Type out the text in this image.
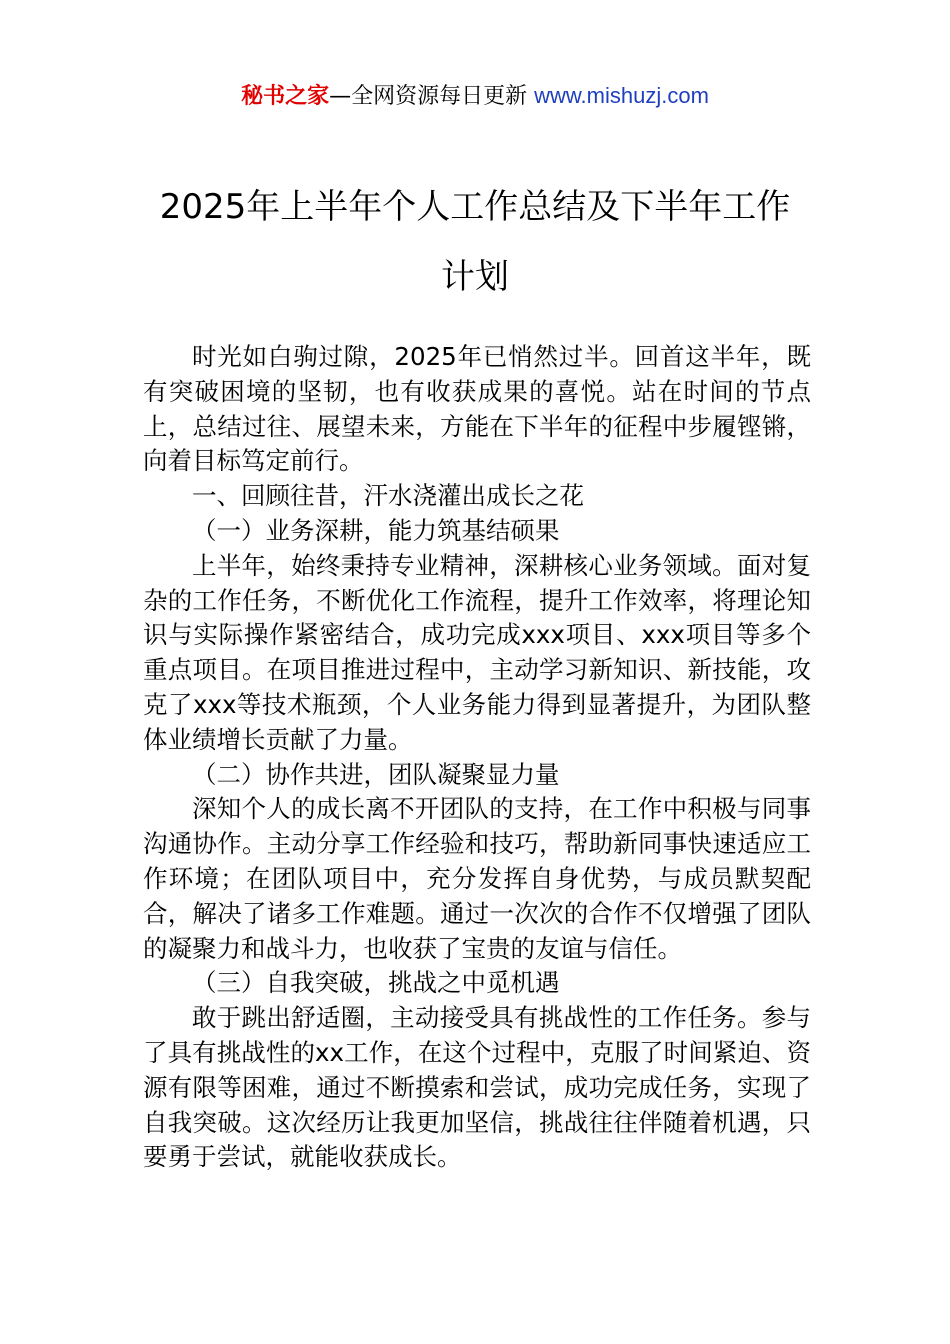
秘书之家—全网资源每日更新 www.mishuzj.com
2025年上半年个人工作总结及下半年工作
计划

时光如白驹过隙，2025年已悄然过半。回首这半年，既有突破困境的坚韧，也有收获成果的喜悦。站在时间的节点上，总结过往、展望未来，方能在下半年的征程中步履铿锵，向着目标笃定前行。

一、回顾往昔，汗水浇灌出成长之花

（一）业务深耕，能力筑基结硕果

上半年，始终秉持专业精神，深耕核心业务领域。面对复杂的工作任务，不断优化工作流程，提升工作效率，将理论知识与实际操作紧密结合，成功完成xxx项目、xxx项目等多个重点项目。在项目推进过程中，主动学习新知识、新技能，攻克了xxx等技术瓶颈，个人业务能力得到显著提升，为团队整体业绩增长贡献了力量。

（二）协作共进，团队凝聚显力量

深知个人的成长离不开团队的支持，在工作中积极与同事沟通协作。主动分享工作经验和技巧，帮助新同事快速适应工作环境；在团队项目中，充分发挥自身优势，与成员默契配合，解决了诸多工作难题。通过一次次的合作不仅增强了团队的凝聚力和战斗力，也收获了宝贵的友谊与信任。

（三）自我突破，挑战之中觅机遇

敢于跳出舒适圈，主动接受具有挑战性的工作任务。参与了具有挑战性的xx工作，在这个过程中，克服了时间紧迫、资源有限等困难，通过不断摸索和尝试，成功完成任务，实现了自我突破。这次经历让我更加坚信，挑战往往伴随着机遇，只要勇于尝试，就能收获成长。
